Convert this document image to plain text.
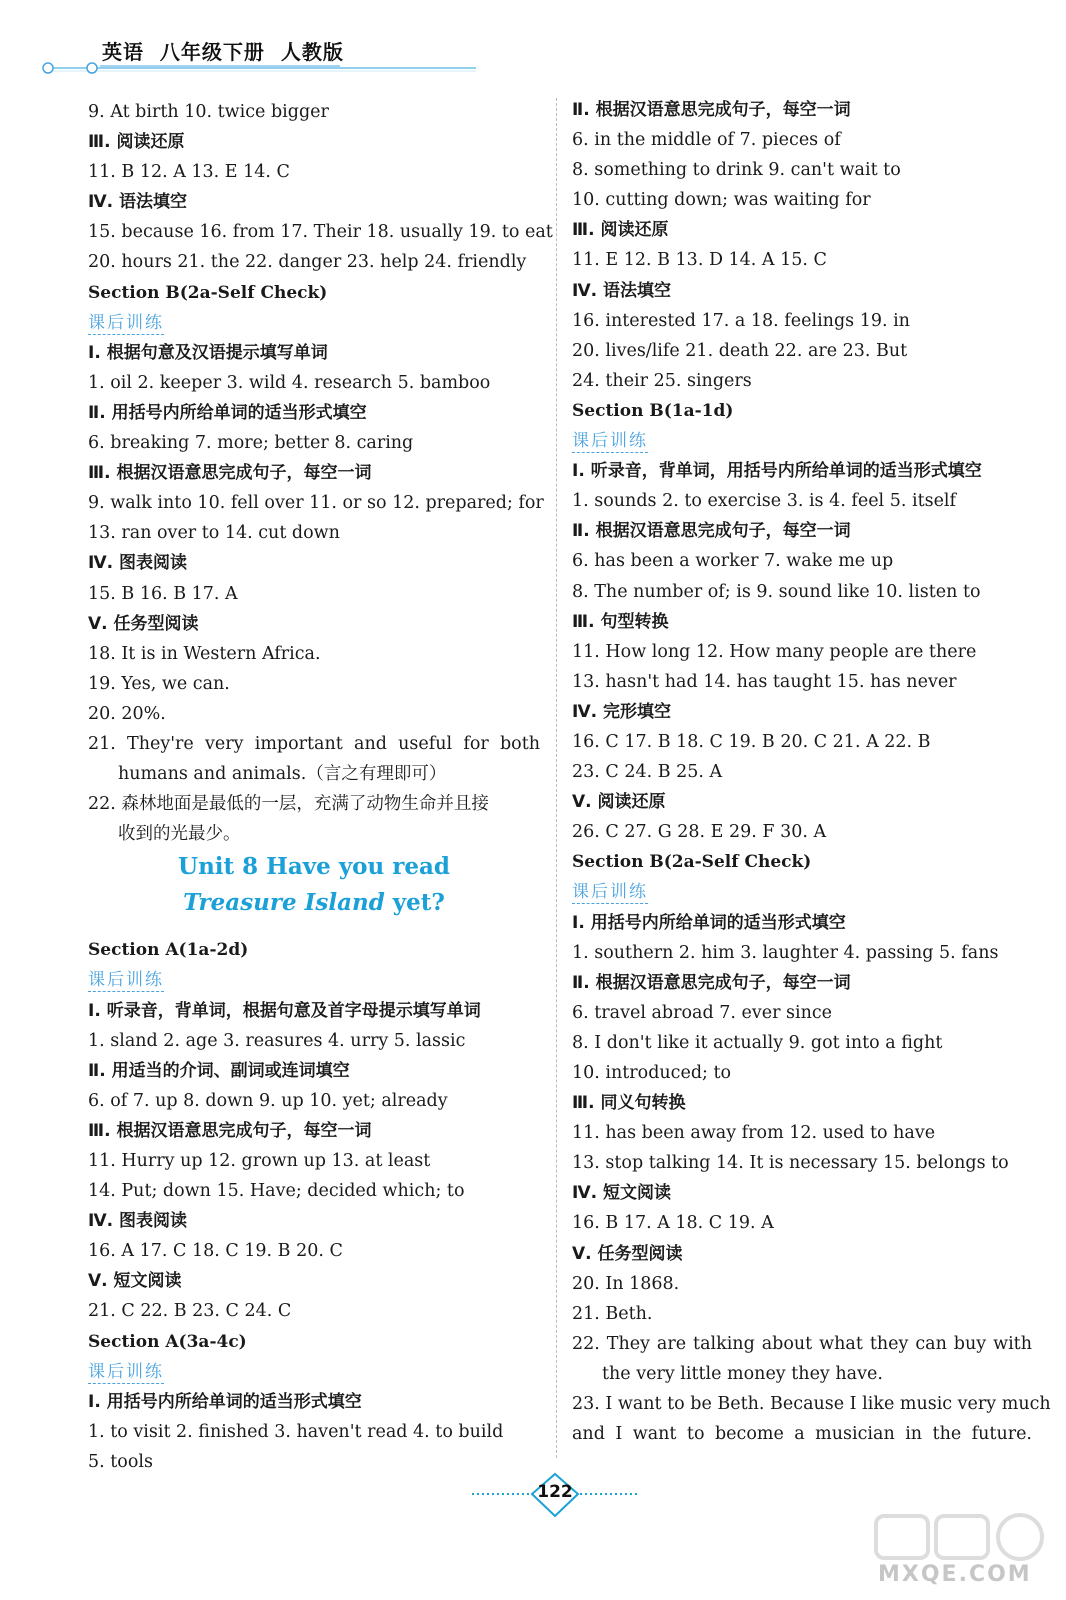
英语  八年级下册  人教版
9. At birth 10. twice bigger
Ⅲ. 阅读还原
11. B 12. A 13. E 14. C
Ⅳ. 语法填空
15. because 16. from 17. Their 18. usually 19. to eat
20. hours 21. the 22. danger 23. help 24. friendly
Section B(2a-Self Check)
课后训练
Ⅰ. 根据句意及汉语提示填写单词
1. oil 2. keeper 3. wild 4. research 5. bamboo
Ⅱ. 用括号内所给单词的适当形式填空
6. breaking 7. more; better 8. caring
Ⅲ. 根据汉语意思完成句子，每空一词
9. walk into 10. fell over 11. or so 12. prepared; for
13. ran over to 14. cut down
Ⅳ. 图表阅读
15. B 16. B 17. A
Ⅴ. 任务型阅读
18. It is in Western Africa.
19. Yes, we can.
20. 20%.
21. They're very important and useful for both
humans and animals.（言之有理即可）
22. 森林地面是最低的一层，充满了动物生命并且接
收到的光最少。
Unit 8 Have you read
Treasure Island yet?
Section A(1a-2d)
课后训练
Ⅰ. 听录音，背单词，根据句意及首字母提示填写单词
1. sland 2. age 3. reasures 4. urry 5. lassic
Ⅱ. 用适当的介词、副词或连词填空
6. of 7. up 8. down 9. up 10. yet; already
Ⅲ. 根据汉语意思完成句子，每空一词
11. Hurry up 12. grown up 13. at least
14. Put; down 15. Have; decided which; to
Ⅳ. 图表阅读
16. A 17. C 18. C 19. B 20. C
Ⅴ. 短文阅读
21. C 22. B 23. C 24. C
Section A(3a-4c)
课后训练
Ⅰ. 用括号内所给单词的适当形式填空
1. to visit 2. finished 3. haven't read 4. to build
5. tools
Ⅱ. 根据汉语意思完成句子，每空一词
6. in the middle of 7. pieces of
8. something to drink 9. can't wait to
10. cutting down; was waiting for
Ⅲ. 阅读还原
11. E 12. B 13. D 14. A 15. C
Ⅳ. 语法填空
16. interested 17. a 18. feelings 19. in
20. lives/life 21. death 22. are 23. But
24. their 25. singers
Section B(1a-1d)
课后训练
Ⅰ. 听录音，背单词，用括号内所给单词的适当形式填空
1. sounds 2. to exercise 3. is 4. feel 5. itself
Ⅱ. 根据汉语意思完成句子，每空一词
6. has been a worker 7. wake me up
8. The number of; is 9. sound like 10. listen to
Ⅲ. 句型转换
11. How long 12. How many people are there
13. hasn't had 14. has taught 15. has never
Ⅳ. 完形填空
16. C 17. B 18. C 19. B 20. C 21. A 22. B
23. C 24. B 25. A
Ⅴ. 阅读还原
26. C 27. G 28. E 29. F 30. A
Section B(2a-Self Check)
课后训练
Ⅰ. 用括号内所给单词的适当形式填空
1. southern 2. him 3. laughter 4. passing 5. fans
Ⅱ. 根据汉语意思完成句子，每空一词
6. travel abroad 7. ever since
8. I don't like it actually 9. got into a fight
10. introduced; to
Ⅲ. 同义句转换
11. has been away from 12. used to have
13. stop talking 14. It is necessary 15. belongs to
Ⅳ. 短文阅读
16. B 17. A 18. C 19. A
Ⅴ. 任务型阅读
20. In 1868.
21. Beth.
22. They are talking about what they can buy with
the very little money they have.
23. I want to be Beth. Because I like music very much
and I want to become a musician in the future.
122
MXQE.COM
